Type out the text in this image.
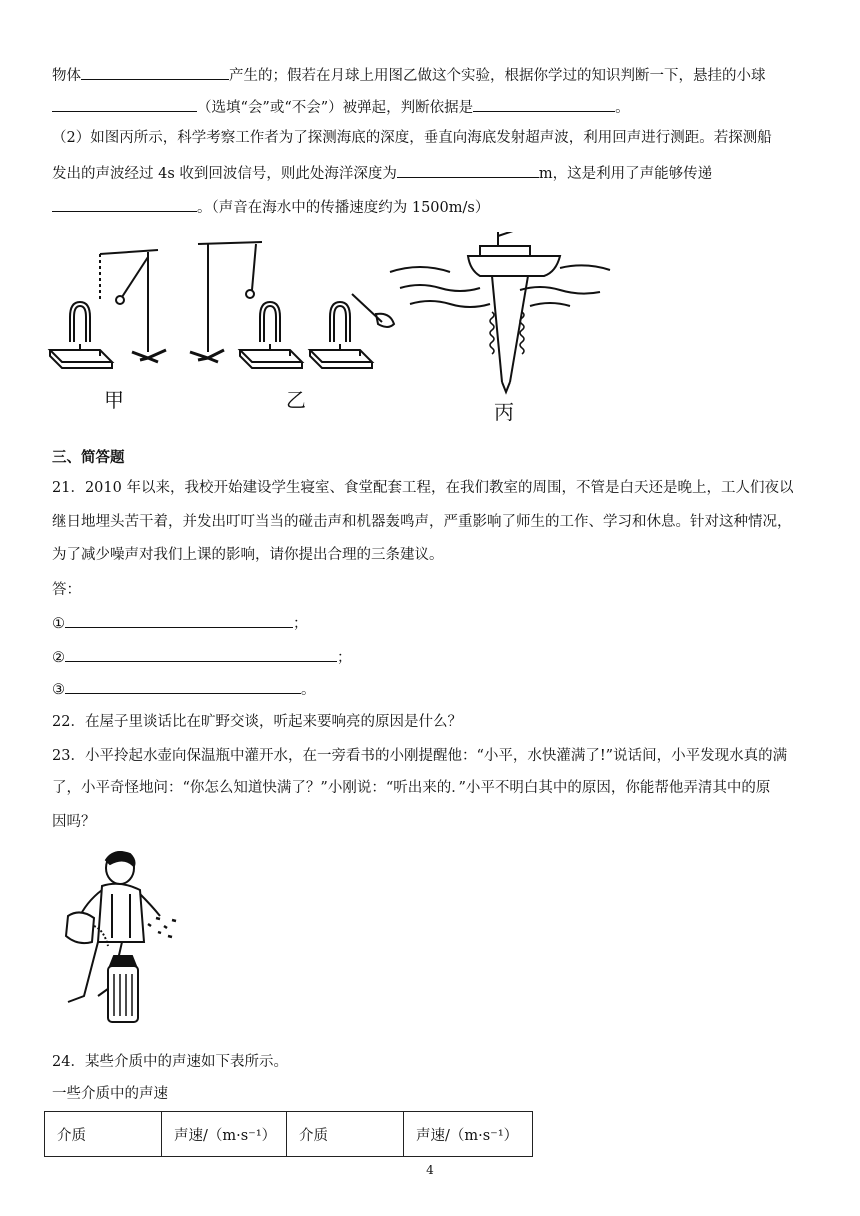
物体	产生的；假若在月球上用图乙做这个实验，根据你学过的知识判断一下，悬挂的小球
（选填“会”或“不会”）被弹起，判断依据是	。
（2）如图丙所示，科学考察工作者为了探测海底的深度，垂直向海底发射超声波，利用回声进行测距。若探测船
发出的声波经过 4s 收到回波信号，则此处海洋深度为	m，这是利用了声能够传递
。（声音在海水中的传播速度约为 1500m/s）
甲	乙	丙
三、简答题
21．2010 年以来，我校开始建设学生寝室、食堂配套工程，在我们教室的周围，不管是白天还是晚上，工人们夜以
继日地埋头苦干着，并发出叮叮当当的碰击声和机器轰鸣声，严重影响了师生的工作、学习和休息。针对这种情况，
为了减少噪声对我们上课的影响，请你提出合理的三条建议。
答：
①	；
②	；
③	。
22．在屋子里谈话比在旷野交谈，听起来要响亮的原因是什么？
23．小平拎起水壶向保温瓶中灌开水，在一旁看书的小刚提醒他：“小平，水快灌满了!”说话间，小平发现水真的满
了，小平奇怪地问：“你怎么知道快满了？”小刚说：“听出来的．”小平不明白其中的原因，你能帮他弄清其中的原
因吗？
24．某些介质中的声速如下表所示。
一些介质中的声速
介质	声速/（m·s⁻¹）	介质	声速/（m·s⁻¹）
4
